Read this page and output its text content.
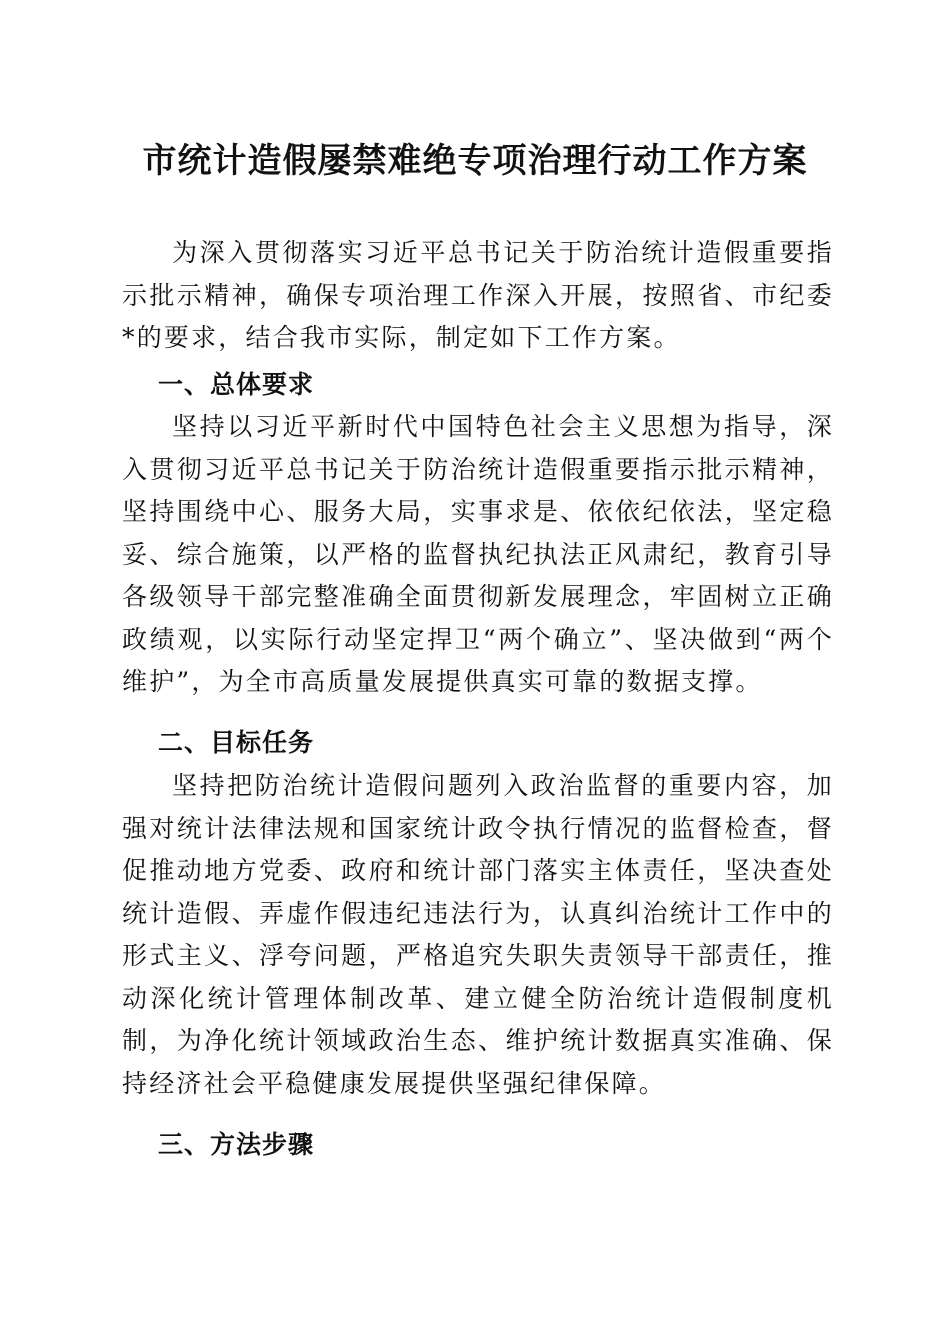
市统计造假屡禁难绝专项治理行动工作方案

为深入贯彻落实习近平总书记关于防治统计造假重要指示批示精神，确保专项治理工作深入开展，按照省、市纪委*的要求，结合我市实际，制定如下工作方案。

一、总体要求

坚持以习近平新时代中国特色社会主义思想为指导，深入贯彻习近平总书记关于防治统计造假重要指示批示精神，坚持围绕中心、服务大局，实事求是、依依纪依法，坚定稳妥、综合施策，以严格的监督执纪执法正风肃纪，教育引导各级领导干部完整准确全面贯彻新发展理念，牢固树立正确政绩观，以实际行动坚定捍卫“两个确立”、坚决做到“两个维护”，为全市高质量发展提供真实可靠的数据支撑。

二、目标任务

坚持把防治统计造假问题列入政治监督的重要内容，加强对统计法律法规和国家统计政令执行情况的监督检查，督促推动地方党委、政府和统计部门落实主体责任，坚决查处统计造假、弄虚作假违纪违法行为，认真纠治统计工作中的形式主义、浮夸问题，严格追究失职失责领导干部责任，推动深化统计管理体制改革、建立健全防治统计造假制度机制，为净化统计领域政治生态、维护统计数据真实准确、保持经济社会平稳健康发展提供坚强纪律保障。

三、方法步骤
